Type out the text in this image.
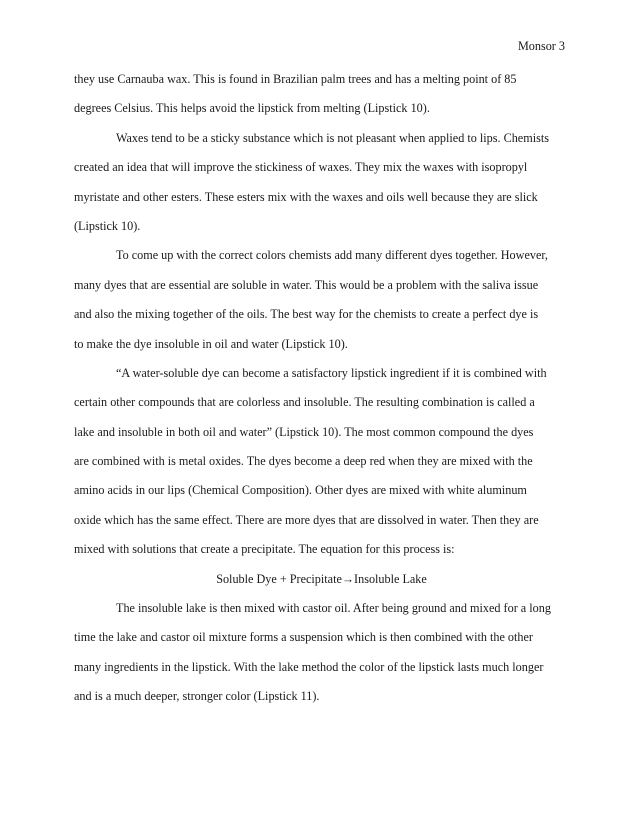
Monsor 3
they use Carnauba wax. This is found in Brazilian palm trees and has a melting point of 85
degrees Celsius. This helps avoid the lipstick from melting (Lipstick 10).
Waxes tend to be a sticky substance which is not pleasant when applied to lips. Chemists
created an idea that will improve the stickiness of waxes. They mix the waxes with isopropyl
myristate and other esters. These esters mix with the waxes and oils well because they are slick
(Lipstick 10).
To come up with the correct colors chemists add many different dyes together. However,
many dyes that are essential are soluble in water. This would be a problem with the saliva issue
and also the mixing together of the oils. The best way for the chemists to create a perfect dye is
to make the dye insoluble in oil and water (Lipstick 10).
“A water-soluble dye can become a satisfactory lipstick ingredient if it is combined with
certain other compounds that are colorless and insoluble. The resulting combination is called a
lake and insoluble in both oil and water” (Lipstick 10). The most common compound the dyes
are combined with is metal oxides. The dyes become a deep red when they are mixed with the
amino acids in our lips (Chemical Composition). Other dyes are mixed with white aluminum
oxide which has the same effect. There are more dyes that are dissolved in water. Then they are
mixed with solutions that create a precipitate. The equation for this process is:
Soluble Dye + Precipitate→Insoluble Lake
The insoluble lake is then mixed with castor oil. After being ground and mixed for a long
time the lake and castor oil mixture forms a suspension which is then combined with the other
many ingredients in the lipstick. With the lake method the color of the lipstick lasts much longer
and is a much deeper, stronger color (Lipstick 11).
